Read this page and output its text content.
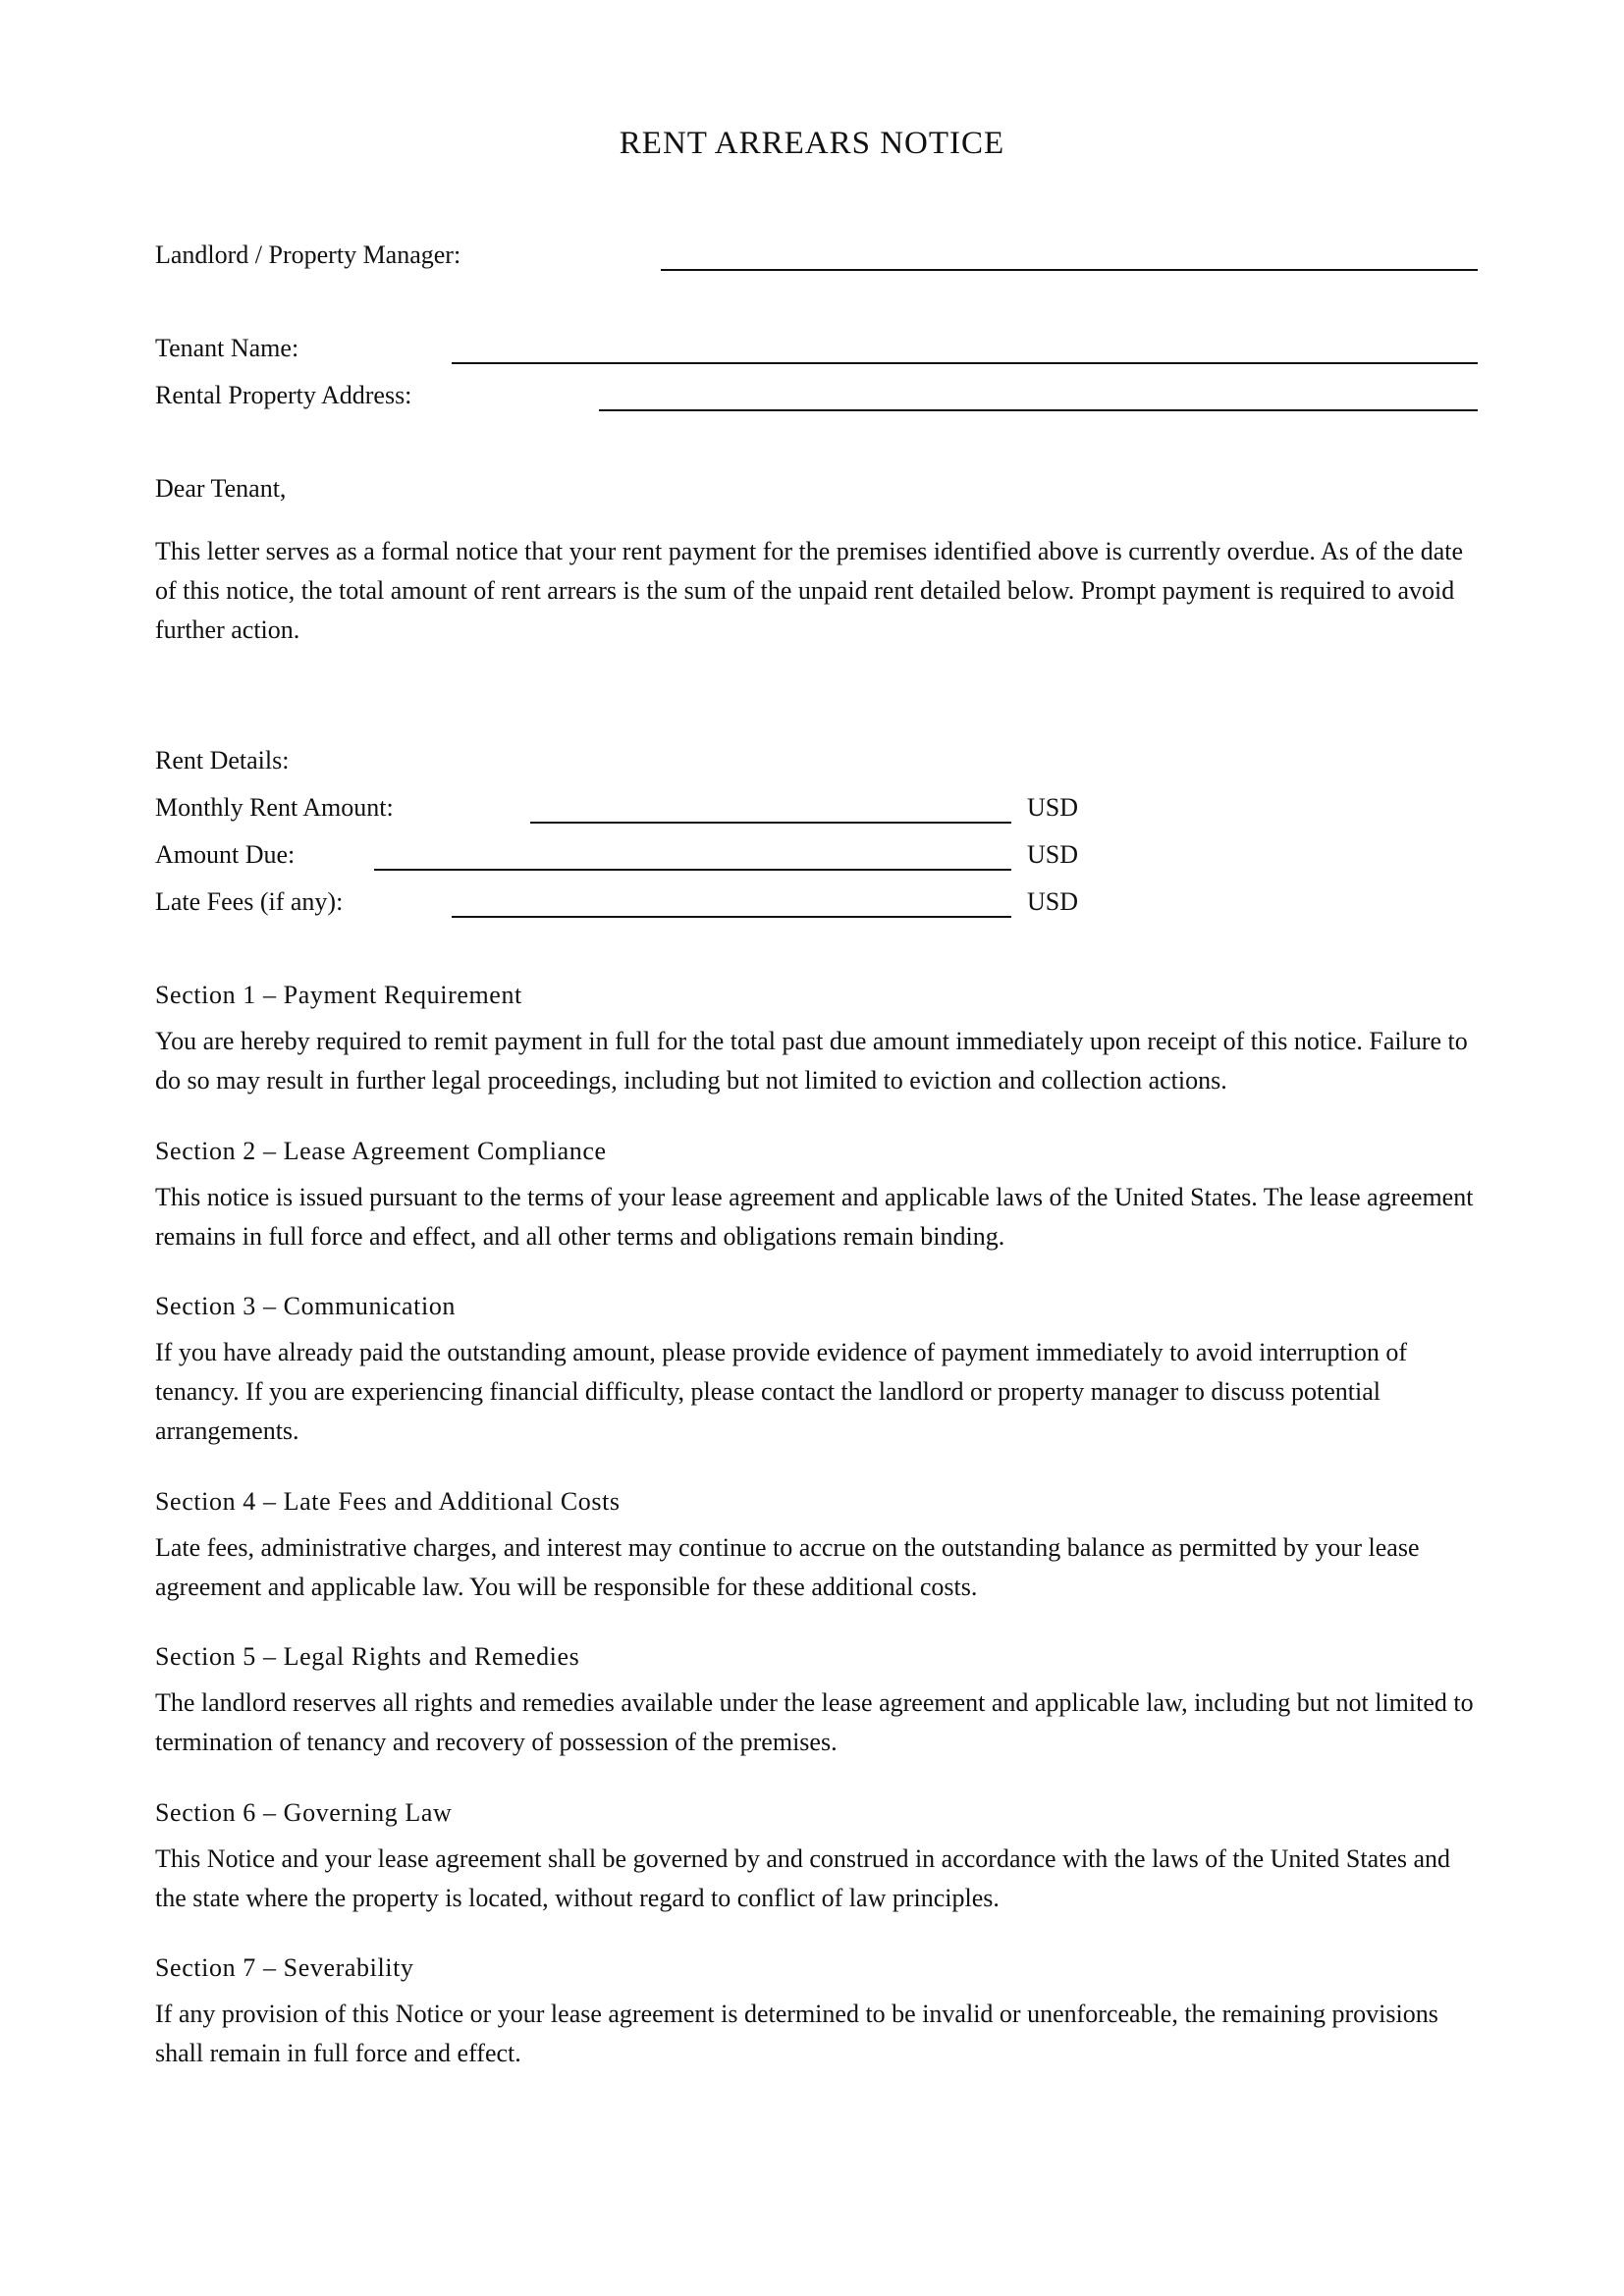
RENT ARREARS NOTICE
Landlord / Property Manager:
Tenant Name:
Rental Property Address:
Dear Tenant,
This letter serves as a formal notice that your rent payment for the premises identified above is currently overdue. As of the date of this notice, the total amount of rent arrears is the sum of the unpaid rent detailed below. Prompt payment is required to avoid further action.
Rent Details:
Monthly Rent Amount:	USD
Amount Due:	USD
Late Fees (if any):	USD
Section 1 – Payment Requirement
You are hereby required to remit payment in full for the total past due amount immediately upon receipt of this notice. Failure to do so may result in further legal proceedings, including but not limited to eviction and collection actions.
Section 2 – Lease Agreement Compliance
This notice is issued pursuant to the terms of your lease agreement and applicable laws of the United States. The lease agreement remains in full force and effect, and all other terms and obligations remain binding.
Section 3 – Communication
If you have already paid the outstanding amount, please provide evidence of payment immediately to avoid interruption of tenancy. If you are experiencing financial difficulty, please contact the landlord or property manager to discuss potential arrangements.
Section 4 – Late Fees and Additional Costs
Late fees, administrative charges, and interest may continue to accrue on the outstanding balance as permitted by your lease agreement and applicable law. You will be responsible for these additional costs.
Section 5 – Legal Rights and Remedies
The landlord reserves all rights and remedies available under the lease agreement and applicable law, including but not limited to termination of tenancy and recovery of possession of the premises.
Section 6 – Governing Law
This Notice and your lease agreement shall be governed by and construed in accordance with the laws of the United States and the state where the property is located, without regard to conflict of law principles.
Section 7 – Severability
If any provision of this Notice or your lease agreement is determined to be invalid or unenforceable, the remaining provisions shall remain in full force and effect.
